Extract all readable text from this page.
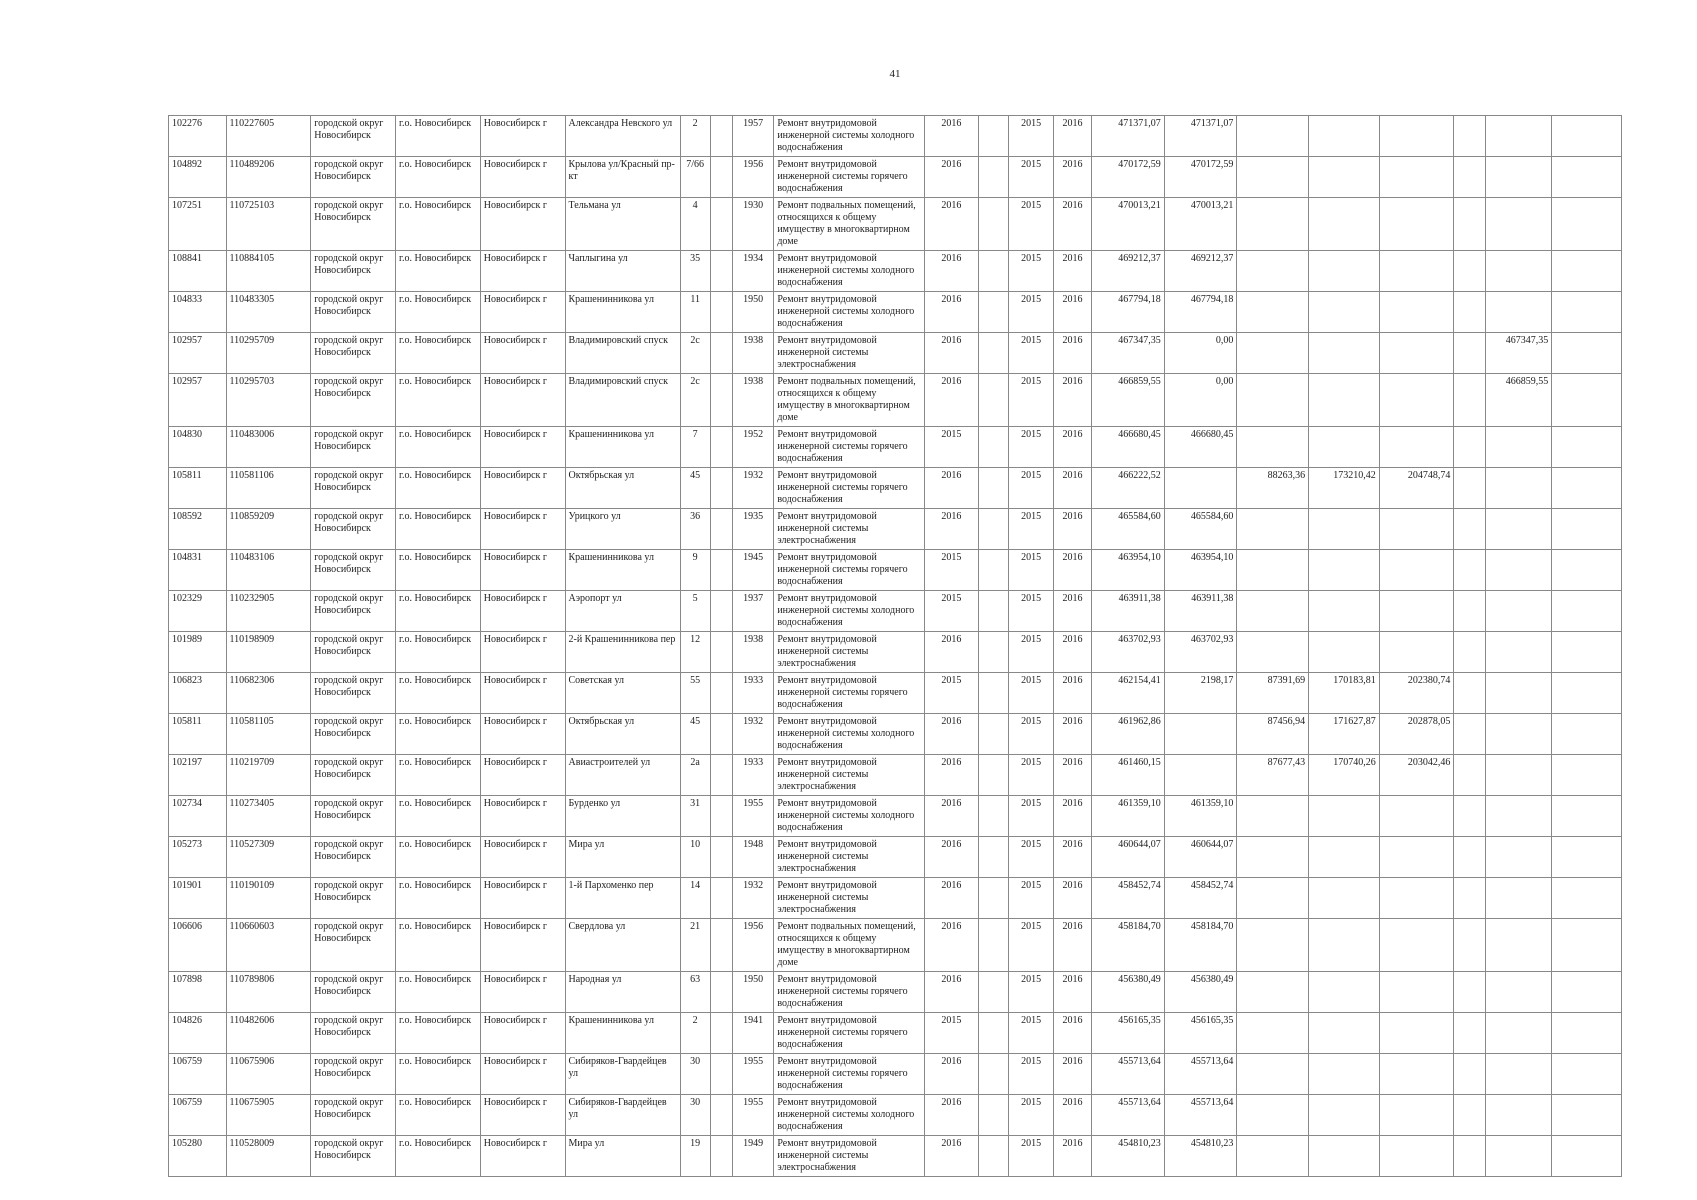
41
102276	110227605	городской округ Новосибирск	г.о. Новосибирск	Новосибирск г	Александра Невского ул	2		1957	Ремонт внутридомовой инженерной системы холодного водоснабжения	2016		2015	2016	471371,07	471371,07						
104892	110489206	городской округ Новосибирск	г.о. Новосибирск	Новосибирск г	Крылова ул/Красный пр-кт	7/66		1956	Ремонт внутридомовой инженерной системы горячего водоснабжения	2016		2015	2016	470172,59	470172,59						
107251	110725103	городской округ Новосибирск	г.о. Новосибирск	Новосибирск г	Тельмана ул	4		1930	Ремонт подвальных помещений, относящихся к общему имуществу в многоквартирном доме	2016		2015	2016	470013,21	470013,21						
108841	110884105	городской округ Новосибирск	г.о. Новосибирск	Новосибирск г	Чаплыгина ул	35		1934	Ремонт внутридомовой инженерной системы холодного водоснабжения	2016		2015	2016	469212,37	469212,37						
104833	110483305	городской округ Новосибирск	г.о. Новосибирск	Новосибирск г	Крашенинникова ул	11		1950	Ремонт внутридомовой инженерной системы холодного водоснабжения	2016		2015	2016	467794,18	467794,18						
102957	110295709	городской округ Новосибирск	г.о. Новосибирск	Новосибирск г	Владимировский спуск	2с		1938	Ремонт внутридомовой инженерной системы электроснабжения	2016		2015	2016	467347,35	0,00					467347,35	
102957	110295703	городской округ Новосибирск	г.о. Новосибирск	Новосибирск г	Владимировский спуск	2с		1938	Ремонт подвальных помещений, относящихся к общему имуществу в многоквартирном доме	2016		2015	2016	466859,55	0,00					466859,55	
104830	110483006	городской округ Новосибирск	г.о. Новосибирск	Новосибирск г	Крашенинникова ул	7		1952	Ремонт внутридомовой инженерной системы горячего водоснабжения	2015		2015	2016	466680,45	466680,45						
105811	110581106	городской округ Новосибирск	г.о. Новосибирск	Новосибирск г	Октябрьская ул	45		1932	Ремонт внутридомовой инженерной системы горячего водоснабжения	2016		2015	2016	466222,52		88263,36	173210,42	204748,74			
108592	110859209	городской округ Новосибирск	г.о. Новосибирск	Новосибирск г	Урицкого ул	36		1935	Ремонт внутридомовой инженерной системы электроснабжения	2016		2015	2016	465584,60	465584,60						
104831	110483106	городской округ Новосибирск	г.о. Новосибирск	Новосибирск г	Крашенинникова ул	9		1945	Ремонт внутридомовой инженерной системы горячего водоснабжения	2015		2015	2016	463954,10	463954,10						
102329	110232905	городской округ Новосибирск	г.о. Новосибирск	Новосибирск г	Аэропорт ул	5		1937	Ремонт внутридомовой инженерной системы холодного водоснабжения	2015		2015	2016	463911,38	463911,38						
101989	110198909	городской округ Новосибирск	г.о. Новосибирск	Новосибирск г	2-й Крашенинникова пер	12		1938	Ремонт внутридомовой инженерной системы электроснабжения	2016		2015	2016	463702,93	463702,93						
106823	110682306	городской округ Новосибирск	г.о. Новосибирск	Новосибирск г	Советская ул	55		1933	Ремонт внутридомовой инженерной системы горячего водоснабжения	2015		2015	2016	462154,41	2198,17	87391,69	170183,81	202380,74			
105811	110581105	городской округ Новосибирск	г.о. Новосибирск	Новосибирск г	Октябрьская ул	45		1932	Ремонт внутридомовой инженерной системы холодного водоснабжения	2016		2015	2016	461962,86		87456,94	171627,87	202878,05			
102197	110219709	городской округ Новосибирск	г.о. Новосибирск	Новосибирск г	Авиастроителей ул	2а		1933	Ремонт внутридомовой инженерной системы электроснабжения	2016		2015	2016	461460,15		87677,43	170740,26	203042,46			
102734	110273405	городской округ Новосибирск	г.о. Новосибирск	Новосибирск г	Бурденко ул	31		1955	Ремонт внутридомовой инженерной системы холодного водоснабжения	2016		2015	2016	461359,10	461359,10						
105273	110527309	городской округ Новосибирск	г.о. Новосибирск	Новосибирск г	Мира ул	10		1948	Ремонт внутридомовой инженерной системы электроснабжения	2016		2015	2016	460644,07	460644,07						
101901	110190109	городской округ Новосибирск	г.о. Новосибирск	Новосибирск г	1-й Пархоменко пер	14		1932	Ремонт внутридомовой инженерной системы электроснабжения	2016		2015	2016	458452,74	458452,74						
106606	110660603	городской округ Новосибирск	г.о. Новосибирск	Новосибирск г	Свердлова ул	21		1956	Ремонт подвальных помещений, относящихся к общему имуществу в многоквартирном доме	2016		2015	2016	458184,70	458184,70						
107898	110789806	городской округ Новосибирск	г.о. Новосибирск	Новосибирск г	Народная ул	63		1950	Ремонт внутридомовой инженерной системы горячего водоснабжения	2016		2015	2016	456380,49	456380,49						
104826	110482606	городской округ Новосибирск	г.о. Новосибирск	Новосибирск г	Крашенинникова ул	2		1941	Ремонт внутридомовой инженерной системы горячего водоснабжения	2015		2015	2016	456165,35	456165,35						
106759	110675906	городской округ Новосибирск	г.о. Новосибирск	Новосибирск г	Сибиряков-Гвардейцев ул	30		1955	Ремонт внутридомовой инженерной системы горячего водоснабжения	2016		2015	2016	455713,64	455713,64						
106759	110675905	городской округ Новосибирск	г.о. Новосибирск	Новосибирск г	Сибиряков-Гвардейцев ул	30		1955	Ремонт внутридомовой инженерной системы холодного водоснабжения	2016		2015	2016	455713,64	455713,64						
105280	110528009	городской округ Новосибирск	г.о. Новосибирск	Новосибирск г	Мира ул	19		1949	Ремонт внутридомовой инженерной системы электроснабжения	2016		2015	2016	454810,23	454810,23						
